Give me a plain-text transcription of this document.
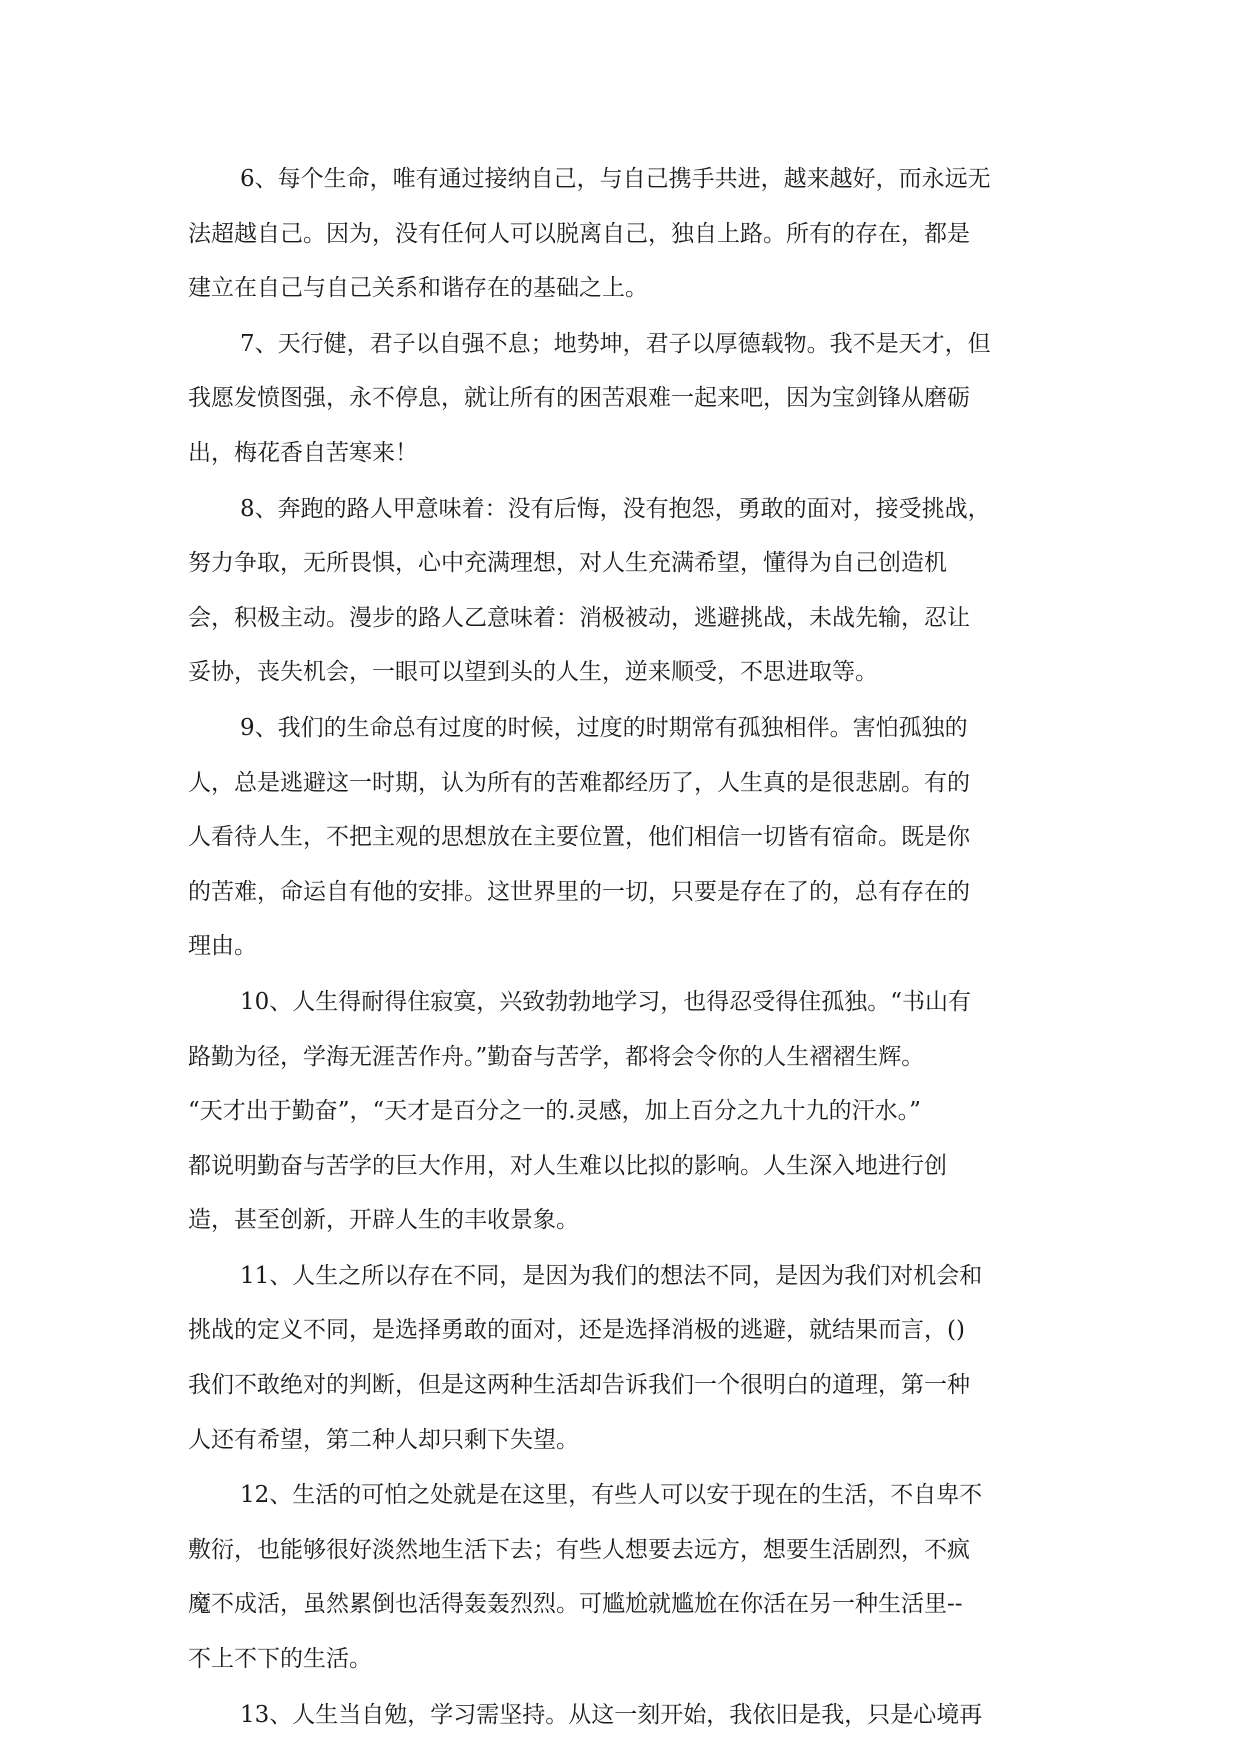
6、每个生命，唯有通过接纳自己，与自己携手共进，越来越好，而永远无
法超越自己。因为，没有任何人可以脱离自己，独自上路。所有的存在，都是
建立在自己与自己关系和谐存在的基础之上。
7、天行健，君子以自强不息；地势坤，君子以厚德载物。我不是天才，但
我愿发愤图强，永不停息，就让所有的困苦艰难一起来吧，因为宝剑锋从磨砺
出，梅花香自苦寒来！
8、奔跑的路人甲意味着：没有后悔，没有抱怨，勇敢的面对，接受挑战，
努力争取，无所畏惧，心中充满理想，对人生充满希望，懂得为自己创造机
会，积极主动。漫步的路人乙意味着：消极被动，逃避挑战，未战先输，忍让
妥协，丧失机会，一眼可以望到头的人生，逆来顺受，不思进取等。
9、我们的生命总有过度的时候，过度的时期常有孤独相伴。害怕孤独的
人，总是逃避这一时期，认为所有的苦难都经历了，人生真的是很悲剧。有的
人看待人生，不把主观的思想放在主要位置，他们相信一切皆有宿命。既是你
的苦难，命运自有他的安排。这世界里的一切，只要是存在了的，总有存在的
理由。
10、人生得耐得住寂寞，兴致勃勃地学习，也得忍受得住孤独。“书山有
路勤为径，学海无涯苦作舟。”勤奋与苦学，都将会令你的人生褶褶生辉。
“天才出于勤奋”，“天才是百分之一的.灵感，加上百分之九十九的汗水。”
都说明勤奋与苦学的巨大作用，对人生难以比拟的影响。人生深入地进行创
造，甚至创新，开辟人生的丰收景象。
11、人生之所以存在不同，是因为我们的想法不同，是因为我们对机会和
挑战的定义不同，是选择勇敢的面对，还是选择消极的逃避，就结果而言，()
我们不敢绝对的判断，但是这两种生活却告诉我们一个很明白的道理，第一种
人还有希望，第二种人却只剩下失望。
12、生活的可怕之处就是在这里，有些人可以安于现在的生活，不自卑不
敷衍，也能够很好淡然地生活下去；有些人想要去远方，想要生活剧烈，不疯
魔不成活，虽然累倒也活得轰轰烈烈。可尴尬就尴尬在你活在另一种生活里--
不上不下的生活。
13、人生当自勉，学习需坚持。从这一刻开始，我依旧是我，只是心境再
